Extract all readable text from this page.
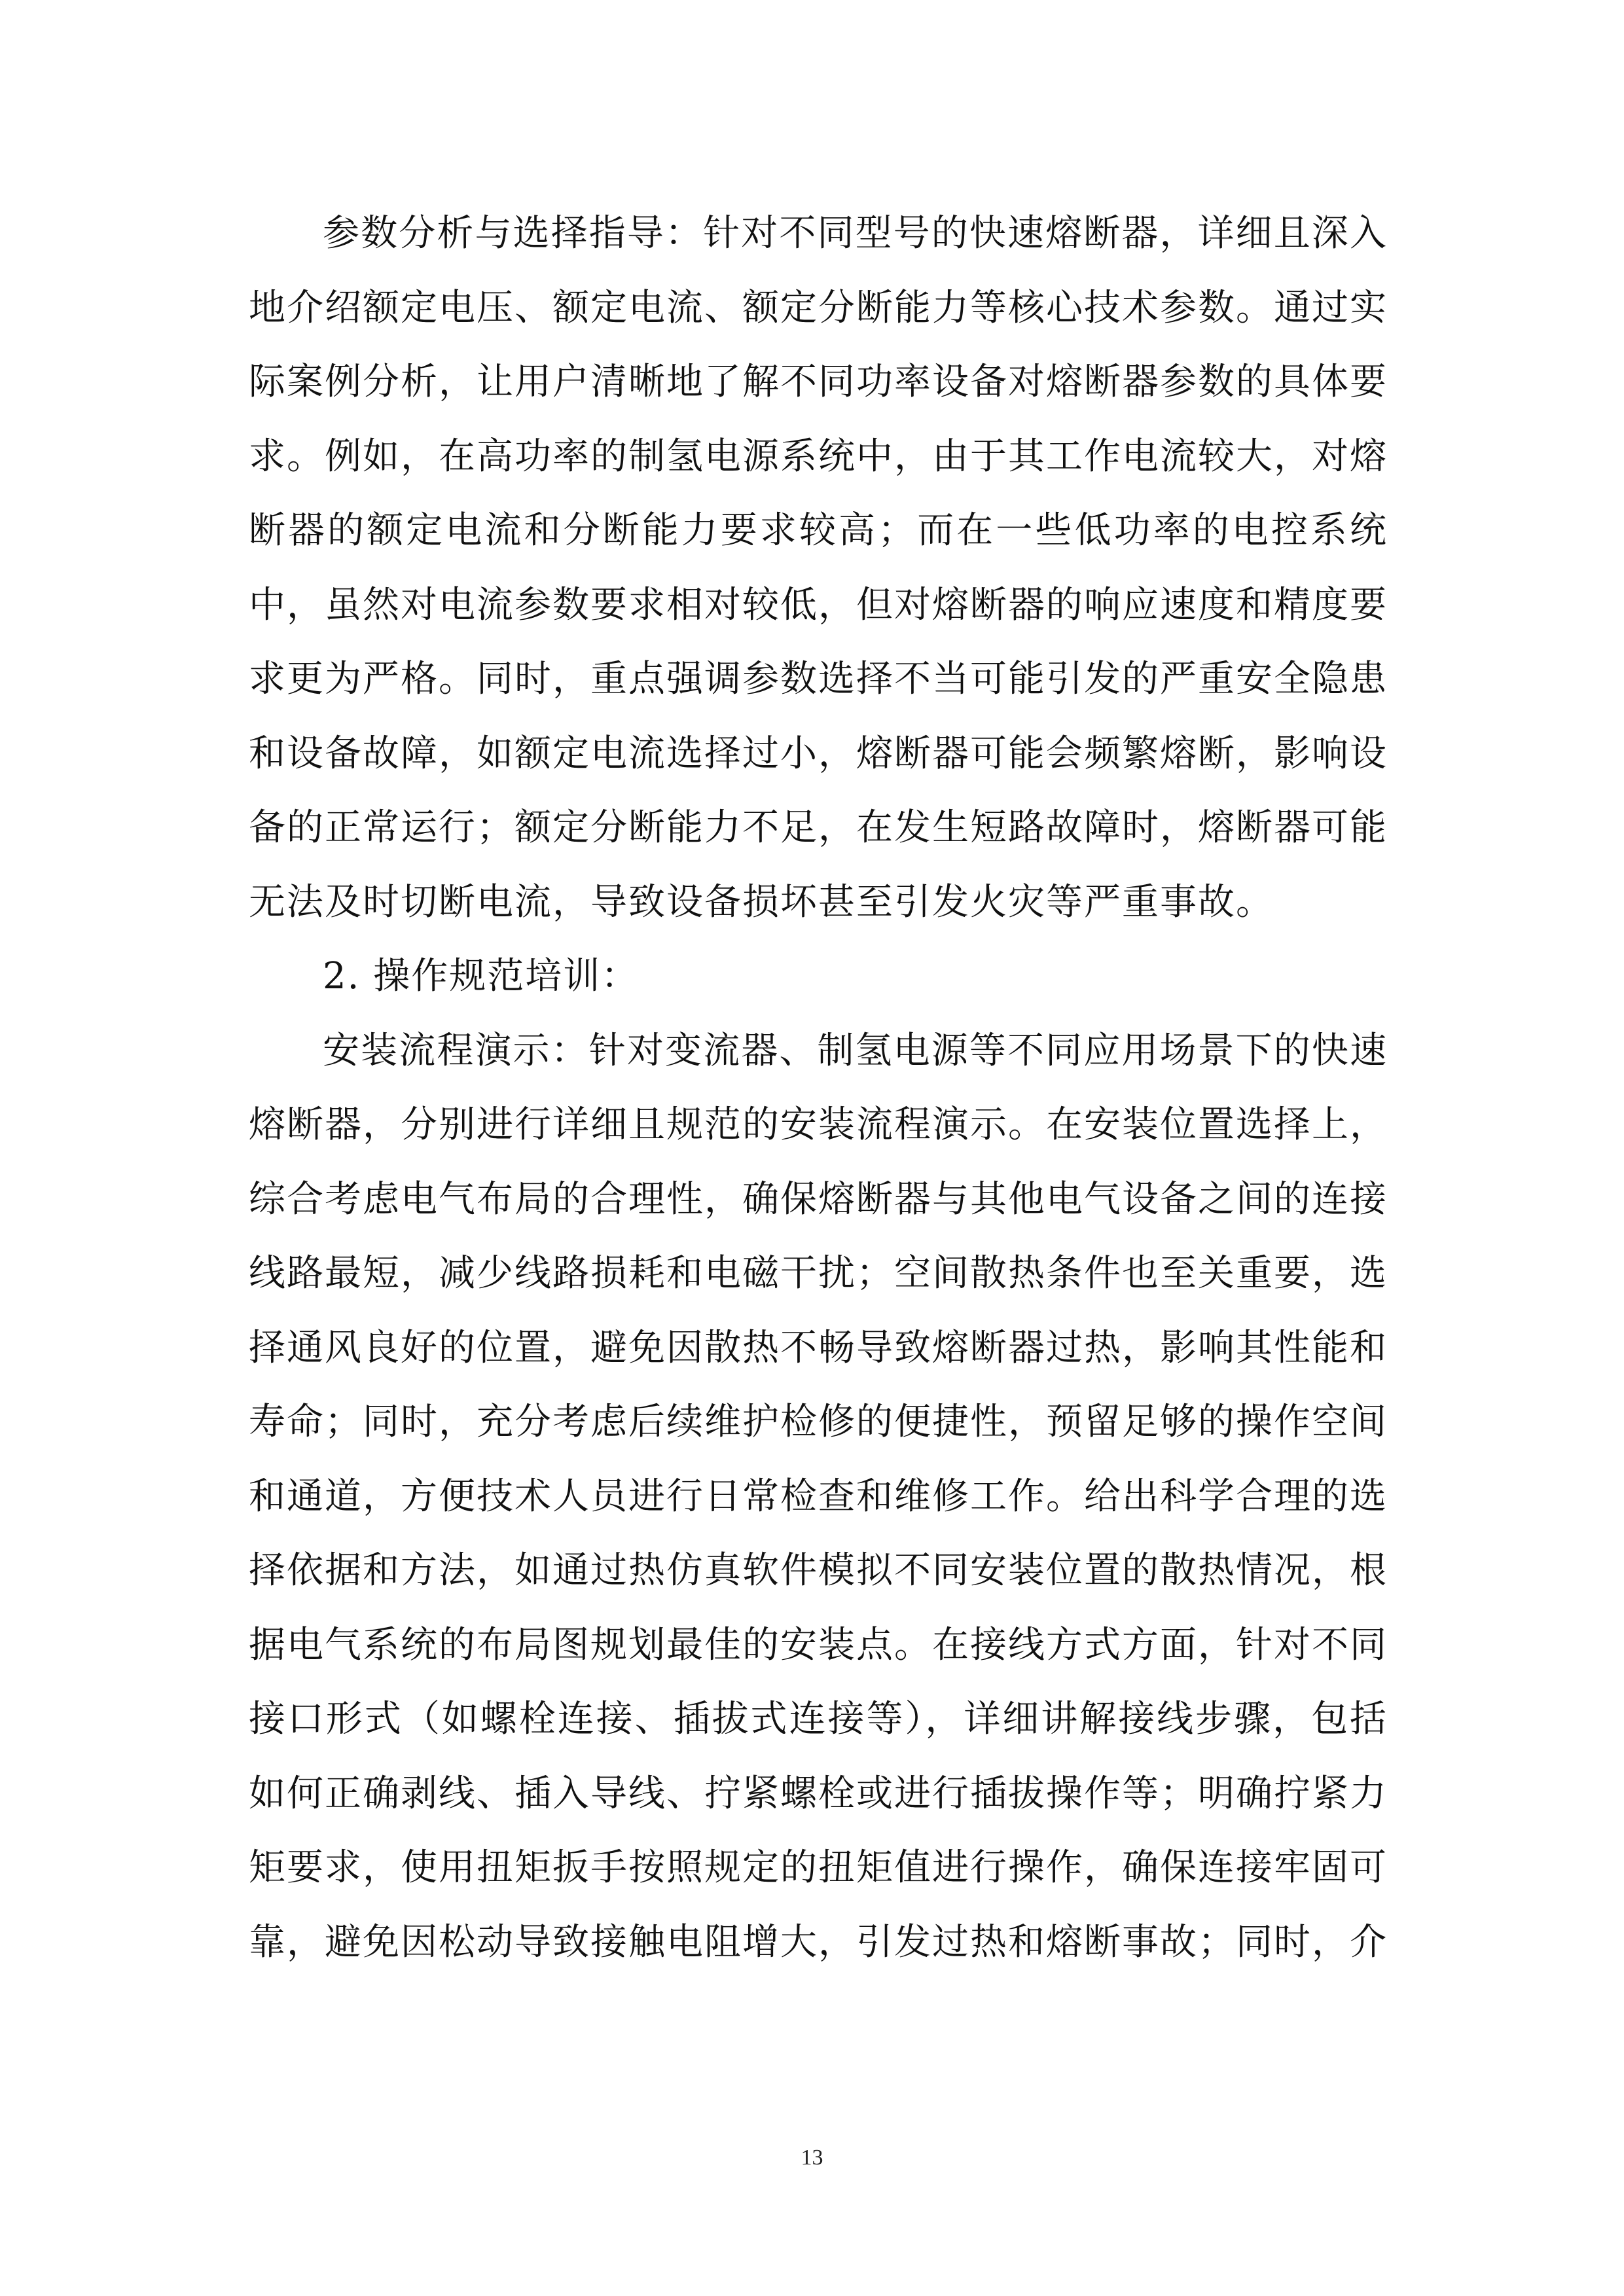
参数分析与选择指导：针对不同型号的快速熔断器，详细且深入地介绍额定电压、额定电流、额定分断能力等核心技术参数。通过实际案例分析，让用户清晰地了解不同功率设备对熔断器参数的具体要求。例如，在高功率的制氢电源系统中，由于其工作电流较大，对熔断器的额定电流和分断能力要求较高；而在一些低功率的电控系统中，虽然对电流参数要求相对较低，但对熔断器的响应速度和精度要求更为严格。同时，重点强调参数选择不当可能引发的严重安全隐患和设备故障，如额定电流选择过小，熔断器可能会频繁熔断，影响设备的正常运行；额定分断能力不足，在发生短路故障时，熔断器可能无法及时切断电流，导致设备损坏甚至引发火灾等严重事故。

2. 操作规范培训：

安装流程演示：针对变流器、制氢电源等不同应用场景下的快速熔断器，分别进行详细且规范的安装流程演示。在安装位置选择上，综合考虑电气布局的合理性，确保熔断器与其他电气设备之间的连接线路最短，减少线路损耗和电磁干扰；空间散热条件也至关重要，选择通风良好的位置，避免因散热不畅导致熔断器过热，影响其性能和寿命；同时，充分考虑后续维护检修的便捷性，预留足够的操作空间和通道，方便技术人员进行日常检查和维修工作。给出科学合理的选择依据和方法，如通过热仿真软件模拟不同安装位置的散热情况，根据电气系统的布局图规划最佳的安装点。在接线方式方面，针对不同接口形式（如螺栓连接、插拔式连接等），详细讲解接线步骤，包括如何正确剥线、插入导线、拧紧螺栓或进行插拔操作等；明确拧紧力矩要求，使用扭矩扳手按照规定的扭矩值进行操作，确保连接牢固可靠，避免因松动导致接触电阻增大，引发过热和熔断事故；同时，介

13
